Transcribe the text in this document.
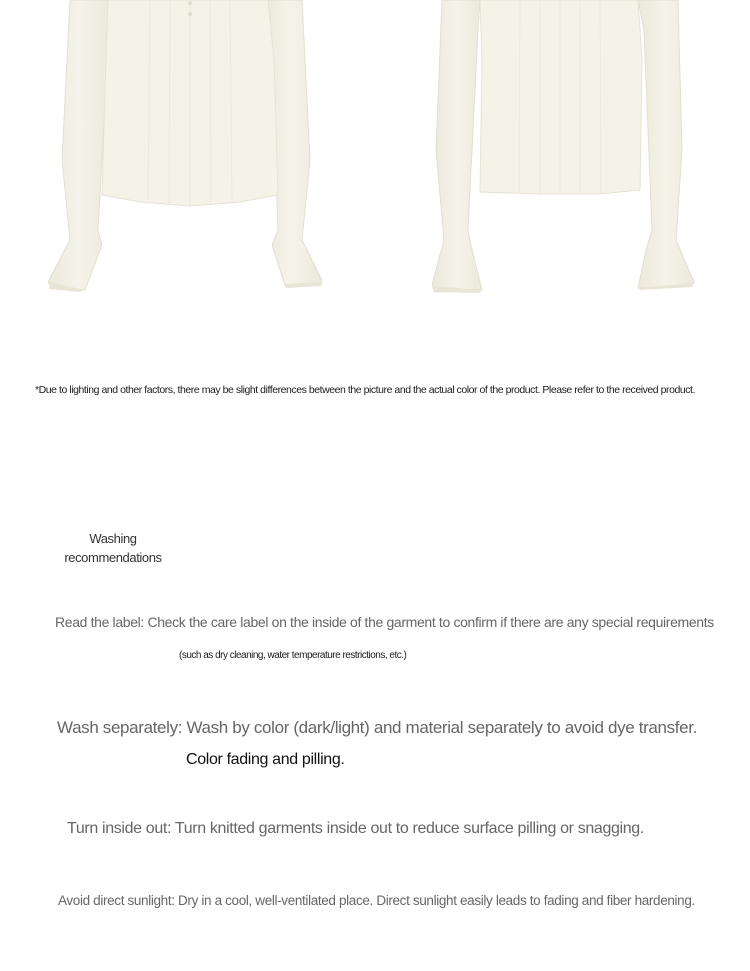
*Due to lighting and other factors, there may be slight differences between the picture and the actual color of the product. Please refer to the received product.
Washing recommendations
Read the label: Check the care label on the inside of the garment to confirm if there are any special requirements
(such as dry cleaning, water temperature restrictions, etc.)
Wash separately: Wash by color (dark/light) and material separately to avoid dye transfer.
Color fading and pilling.
Turn inside out: Turn knitted garments inside out to reduce surface pilling or snagging.
Avoid direct sunlight: Dry in a cool, well-ventilated place. Direct sunlight easily leads to fading and fiber hardening.
